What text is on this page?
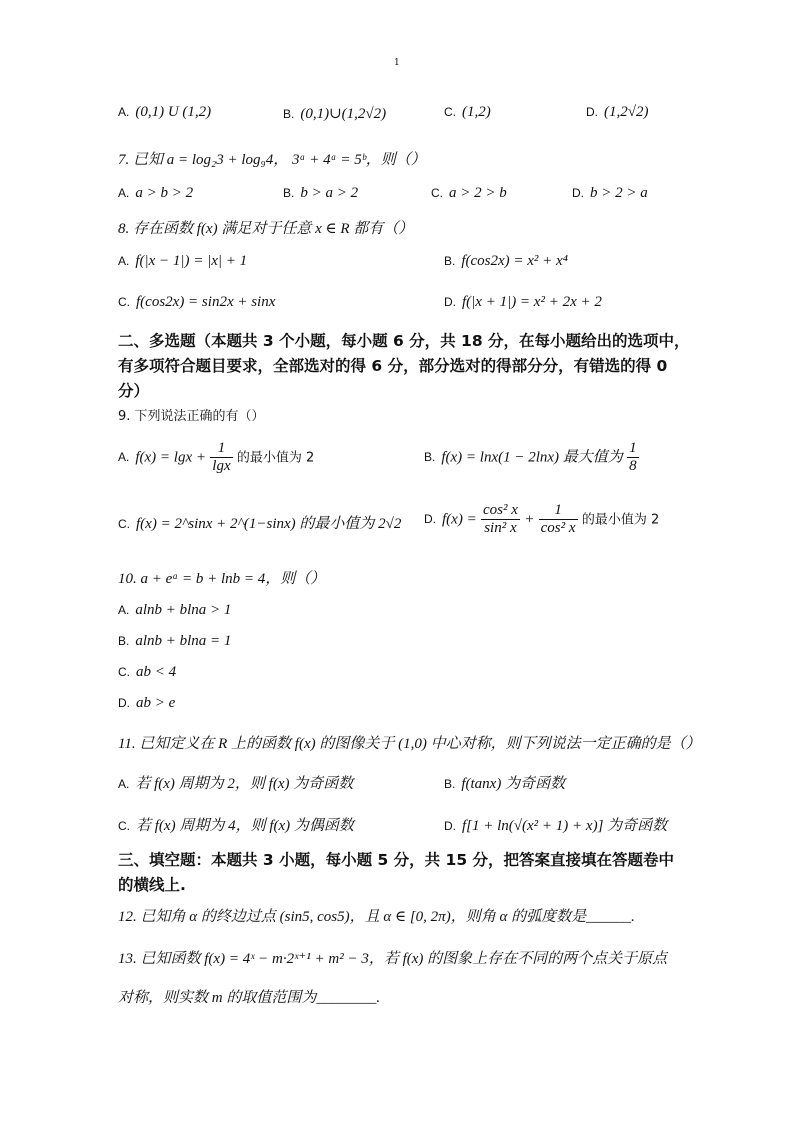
1
A. (0,1) U (1,2)	B. (0,1)∪(1,2√2)	C. (1,2)	D. (1,2√2)
7. 已知 a = log₂3 + log₉4， 3ᵃ + 4ᵃ = 5ᵇ，则（）
A. a > b > 2	B. b > a > 2	C. a > 2 > b	D. b > 2 > a
8. 存在函数 f(x) 满足对于任意 x ∈ R 都有（）
A. f(|x − 1|) = |x| + 1	B. f(cos2x) = x² + x⁴
C. f(cos2x) = sin2x + sinx	D. f(|x + 1|) = x² + 2x + 2
二、多选题（本题共 3 个小题，每小题 6 分，共 18 分，在每小题给出的选项中，
有多项符合题目要求，全部选对的得 6 分，部分选对的得部分分，有错选的得 0
分）
9. 下列说法正确的有（）
A. $f(x) = \lg x + \frac{1}{\lg x}$ 的最小值为 2	B. f(x) = lnx(1 − 2lnx) 最大值为 $\frac{1}{8}$
C. f(x) = 2^sinx + 2^(1−sinx) 的最小值为 2√2 D. $f(x) = \frac{\text{cos² x}}{\text{sin² x}} + \frac{1}{\text{cos² x}}$ 的最小值为 2
10. a + eᵃ = b + lnb = 4，则（）
A. alnb + blna > 1
B. alnb + blna = 1
C. ab < 4
D. ab > e
11. 已知定义在 R 上的函数 f(x) 的图像关于 (1,0) 中心对称，则下列说法一定正确的是（）
A. 若 f(x) 周期为 2，则 f(x) 为奇函数	B. f(tanx) 为奇函数
C. 若 f(x) 周期为 4，则 f(x) 为偶函数	D. f[1 + ln(√(x² + 1) + x)] 为奇函数
三、填空题：本题共 3 小题，每小题 5 分，共 15 分，把答案直接填在答题卷中
的横线上.
12. 已知角 α 的终边过点 (sin5, cos5)，且 α ∈ [0, 2π)，则角 α 的弧度数是______.
13. 已知函数 f(x) = 4ˣ − m·2ˣ⁺¹ + m² − 3，若 f(x) 的图象上存在不同的两个点关于原点
对称，则实数 m 的取值范围为________.
